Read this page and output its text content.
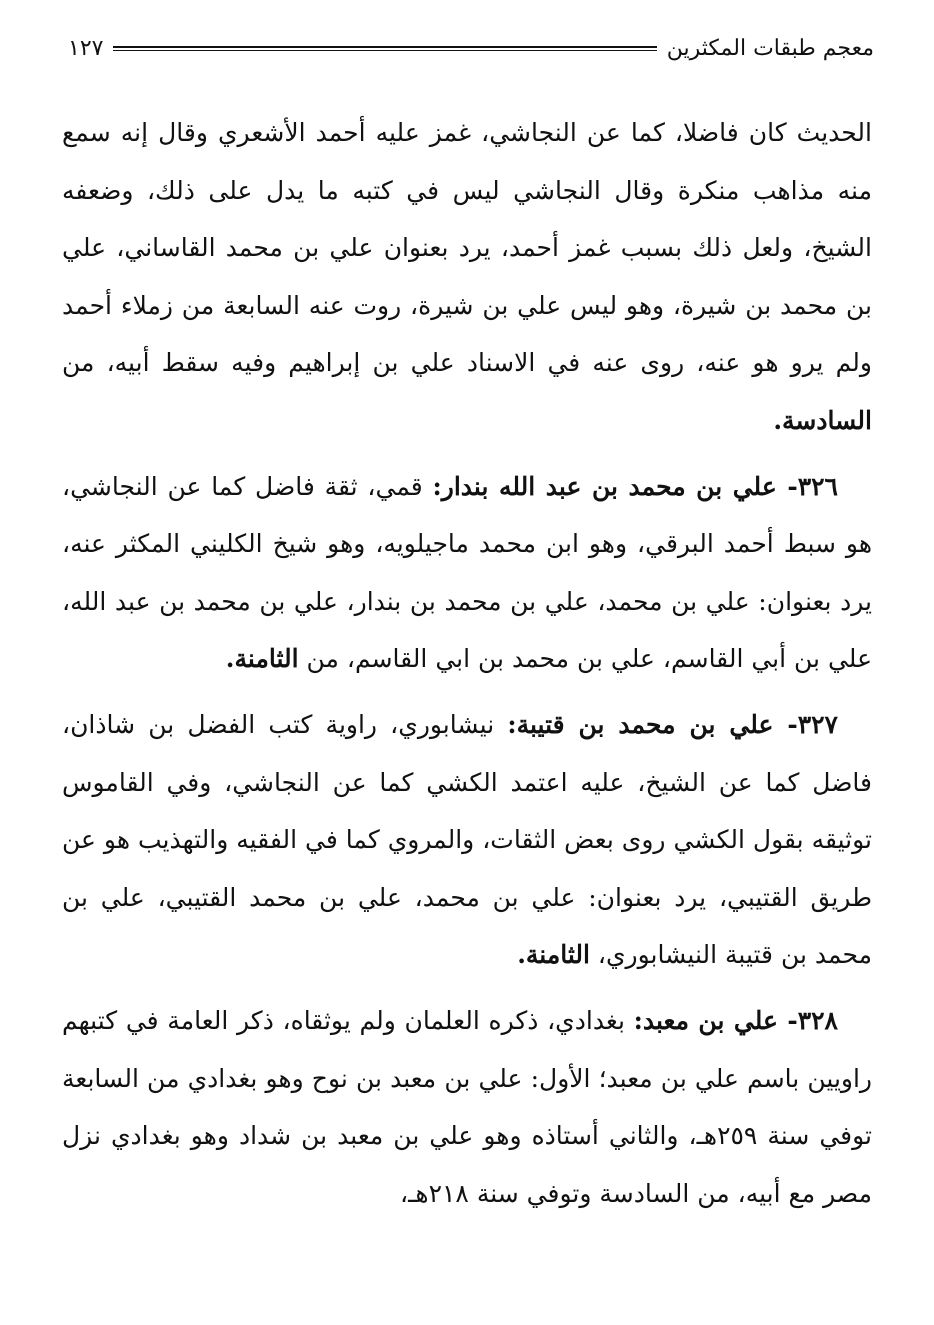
معجم طبقات المكثرين
١٢٧

الحديث كان فاضلا، كما عن النجاشي، غمز عليه أحمد الأشعري وقال إنه سمع منه مذاهب منكرة وقال النجاشي ليس في كتبه ما يدل على ذلك، وضعفه الشيخ، ولعل ذلك بسبب غمز أحمد، يرد بعنوان علي بن محمد القاساني، علي بن محمد بن شيرة، وهو ليس علي بن شيرة، روت عنه السابعة من زملاء أحمد ولم يرو هو عنه، روى عنه في الاسناد علي بن إبراهيم وفيه سقط أبيه، من السادسة.

٣٢٦- علي بن محمد بن عبد الله بندار: قمي، ثقة فاضل كما عن النجاشي، هو سبط أحمد البرقي، وهو ابن محمد ماجيلويه، وهو شيخ الكليني المكثر عنه، يرد بعنوان: علي بن محمد، علي بن محمد بن بندار، علي بن محمد بن عبد الله، علي بن أبي القاسم، علي بن محمد بن ابي القاسم، من الثامنة.

٣٢٧- علي بن محمد بن قتيبة: نيشابوري، راوية كتب الفضل بن شاذان، فاضل كما عن الشيخ، عليه اعتمد الكشي كما عن النجاشي، وفي القاموس توثيقه بقول الكشي روى بعض الثقات، والمروي كما في الفقيه والتهذيب هو عن طريق القتيبي، يرد بعنوان: علي بن محمد، علي بن محمد القتيبي، علي بن محمد بن قتيبة النيشابوري، الثامنة.

٣٢٨- علي بن معبد: بغدادي، ذكره العلمان ولم يوثقاه، ذكر العامة في كتبهم راويين باسم علي بن معبد؛ الأول: علي بن معبد بن نوح وهو بغدادي من السابعة توفي سنة ٢٥٩هـ، والثاني أستاذه وهو علي بن معبد بن شداد وهو بغدادي نزل مصر مع أبيه، من السادسة وتوفي سنة ٢١٨هـ،
